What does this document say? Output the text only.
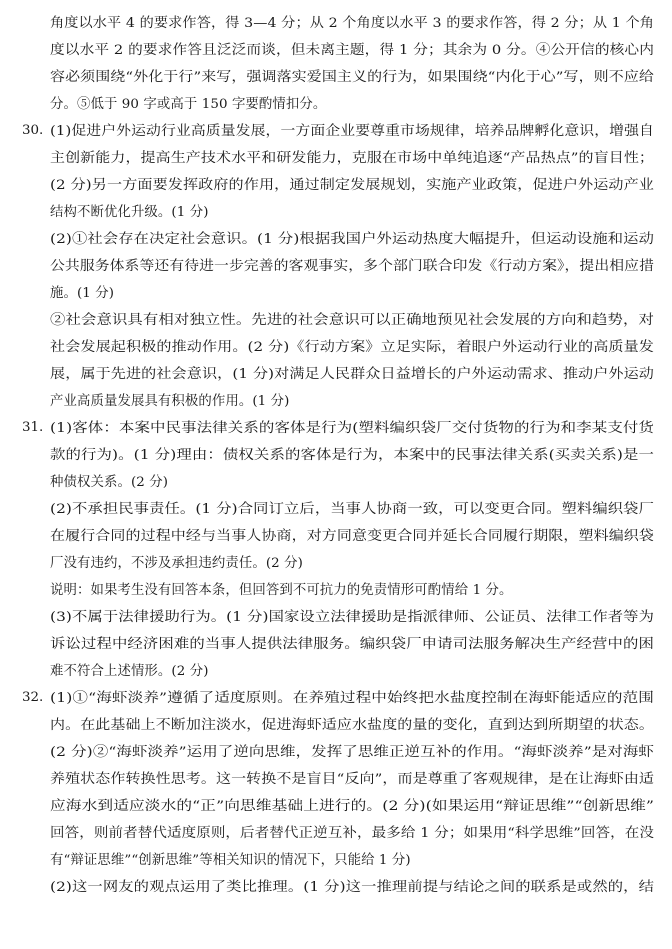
角度以水平 4 的要求作答，得 3—4 分；从 2 个角度以水平 3 的要求作答，得 2 分；从 1 个角
度以水平 2 的要求作答且泛泛而谈，但未离主题，得 1 分；其余为 0 分。④公开信的核心内
容必须围绕“外化于行”来写，强调落实爱国主义的行为，如果围绕“内化于心”写，则不应给
分。⑤低于 90 字或高于 150 字要酌情扣分。
30. (1)促进户外运动行业高质量发展，一方面企业要尊重市场规律，培养品牌孵化意识，增强自
主创新能力，提高生产技术水平和研发能力，克服在市场中单纯追逐“产品热点”的盲目性；
(2 分)另一方面要发挥政府的作用，通过制定发展规划，实施产业政策，促进户外运动产业
结构不断优化升级。(1 分)
(2)①社会存在决定社会意识。(1 分)根据我国户外运动热度大幅提升，但运动设施和运动
公共服务体系等还有待进一步完善的客观事实，多个部门联合印发《行动方案》，提出相应措
施。(1 分)
②社会意识具有相对独立性。先进的社会意识可以正确地预见社会发展的方向和趋势，对
社会发展起积极的推动作用。(2 分)《行动方案》立足实际，着眼户外运动行业的高质量发
展，属于先进的社会意识，(1 分)对满足人民群众日益增长的户外运动需求、推动户外运动
产业高质量发展具有积极的作用。(1 分)
31. (1)客体：本案中民事法律关系的客体是行为(塑料编织袋厂交付货物的行为和李某支付货
款的行为)。(1 分)理由：债权关系的客体是行为，本案中的民事法律关系(买卖关系)是一
种债权关系。(2 分)
(2)不承担民事责任。(1 分)合同订立后，当事人协商一致，可以变更合同。塑料编织袋厂
在履行合同的过程中经与当事人协商，对方同意变更合同并延长合同履行期限，塑料编织袋
厂没有违约，不涉及承担违约责任。(2 分)
说明：如果考生没有回答本条，但回答到不可抗力的免责情形可酌情给 1 分。
(3)不属于法律援助行为。(1 分)国家设立法律援助是指派律师、公证员、法律工作者等为
诉讼过程中经济困难的当事人提供法律服务。编织袋厂申请司法服务解决生产经营中的困
难不符合上述情形。(2 分)
32. (1)①“海虾淡养”遵循了适度原则。在养殖过程中始终把水盐度控制在海虾能适应的范围
内。在此基础上不断加注淡水，促进海虾适应水盐度的量的变化，直到达到所期望的状态。
(2 分)②“海虾淡养”运用了逆向思维，发挥了思维正逆互补的作用。“海虾淡养”是对海虾
养殖状态作转换性思考。这一转换不是盲目“反向”，而是尊重了客观规律，是在让海虾由适
应海水到适应淡水的“正”向思维基础上进行的。(2 分)(如果运用“辩证思维”“创新思维”
回答，则前者替代适度原则，后者替代正逆互补，最多给 1 分；如果用“科学思维”回答，在没
有“辩证思维”“创新思维”等相关知识的情况下，只能给 1 分)
(2)这一网友的观点运用了类比推理。(1 分)这一推理前提与结论之间的联系是或然的，结
